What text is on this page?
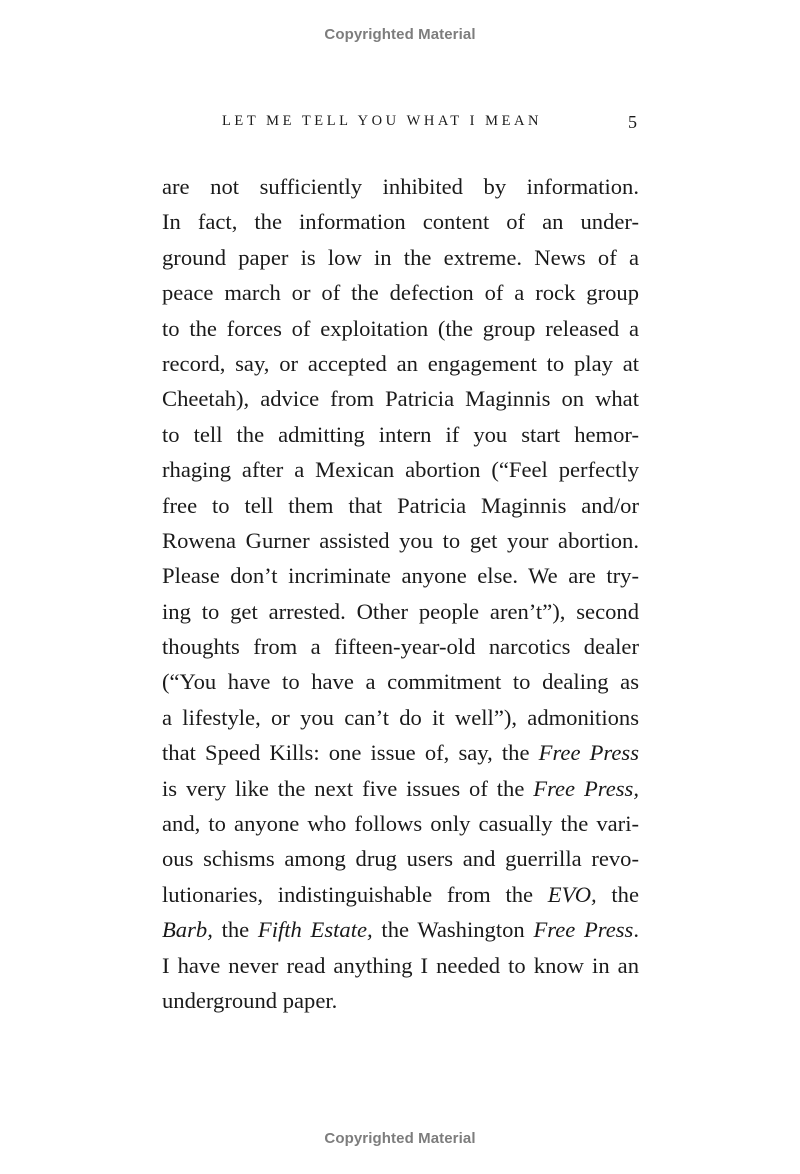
Copyrighted Material
LET ME TELL YOU WHAT I MEAN	5
are not sufficiently inhibited by information.
In fact, the information content of an under-
ground paper is low in the extreme. News of a
peace march or of the defection of a rock group
to the forces of exploitation (the group released a
record, say, or accepted an engagement to play at
Cheetah), advice from Patricia Maginnis on what
to tell the admitting intern if you start hemor-
rhaging after a Mexican abortion (“Feel perfectly
free to tell them that Patricia Maginnis and/or
Rowena Gurner assisted you to get your abortion.
Please don’t incriminate anyone else. We are try-
ing to get arrested. Other people aren’t”), second
thoughts from a fifteen-year-old narcotics dealer
(“You have to have a commitment to dealing as
a lifestyle, or you can’t do it well”), admonitions
that Speed Kills: one issue of, say, the Free Press
is very like the next five issues of the Free Press,
and, to anyone who follows only casually the vari-
ous schisms among drug users and guerrilla revo-
lutionaries, indistinguishable from the EVO, the
Barb, the Fifth Estate, the Washington Free Press.
I have never read anything I needed to know in an
underground paper.
Copyrighted Material
